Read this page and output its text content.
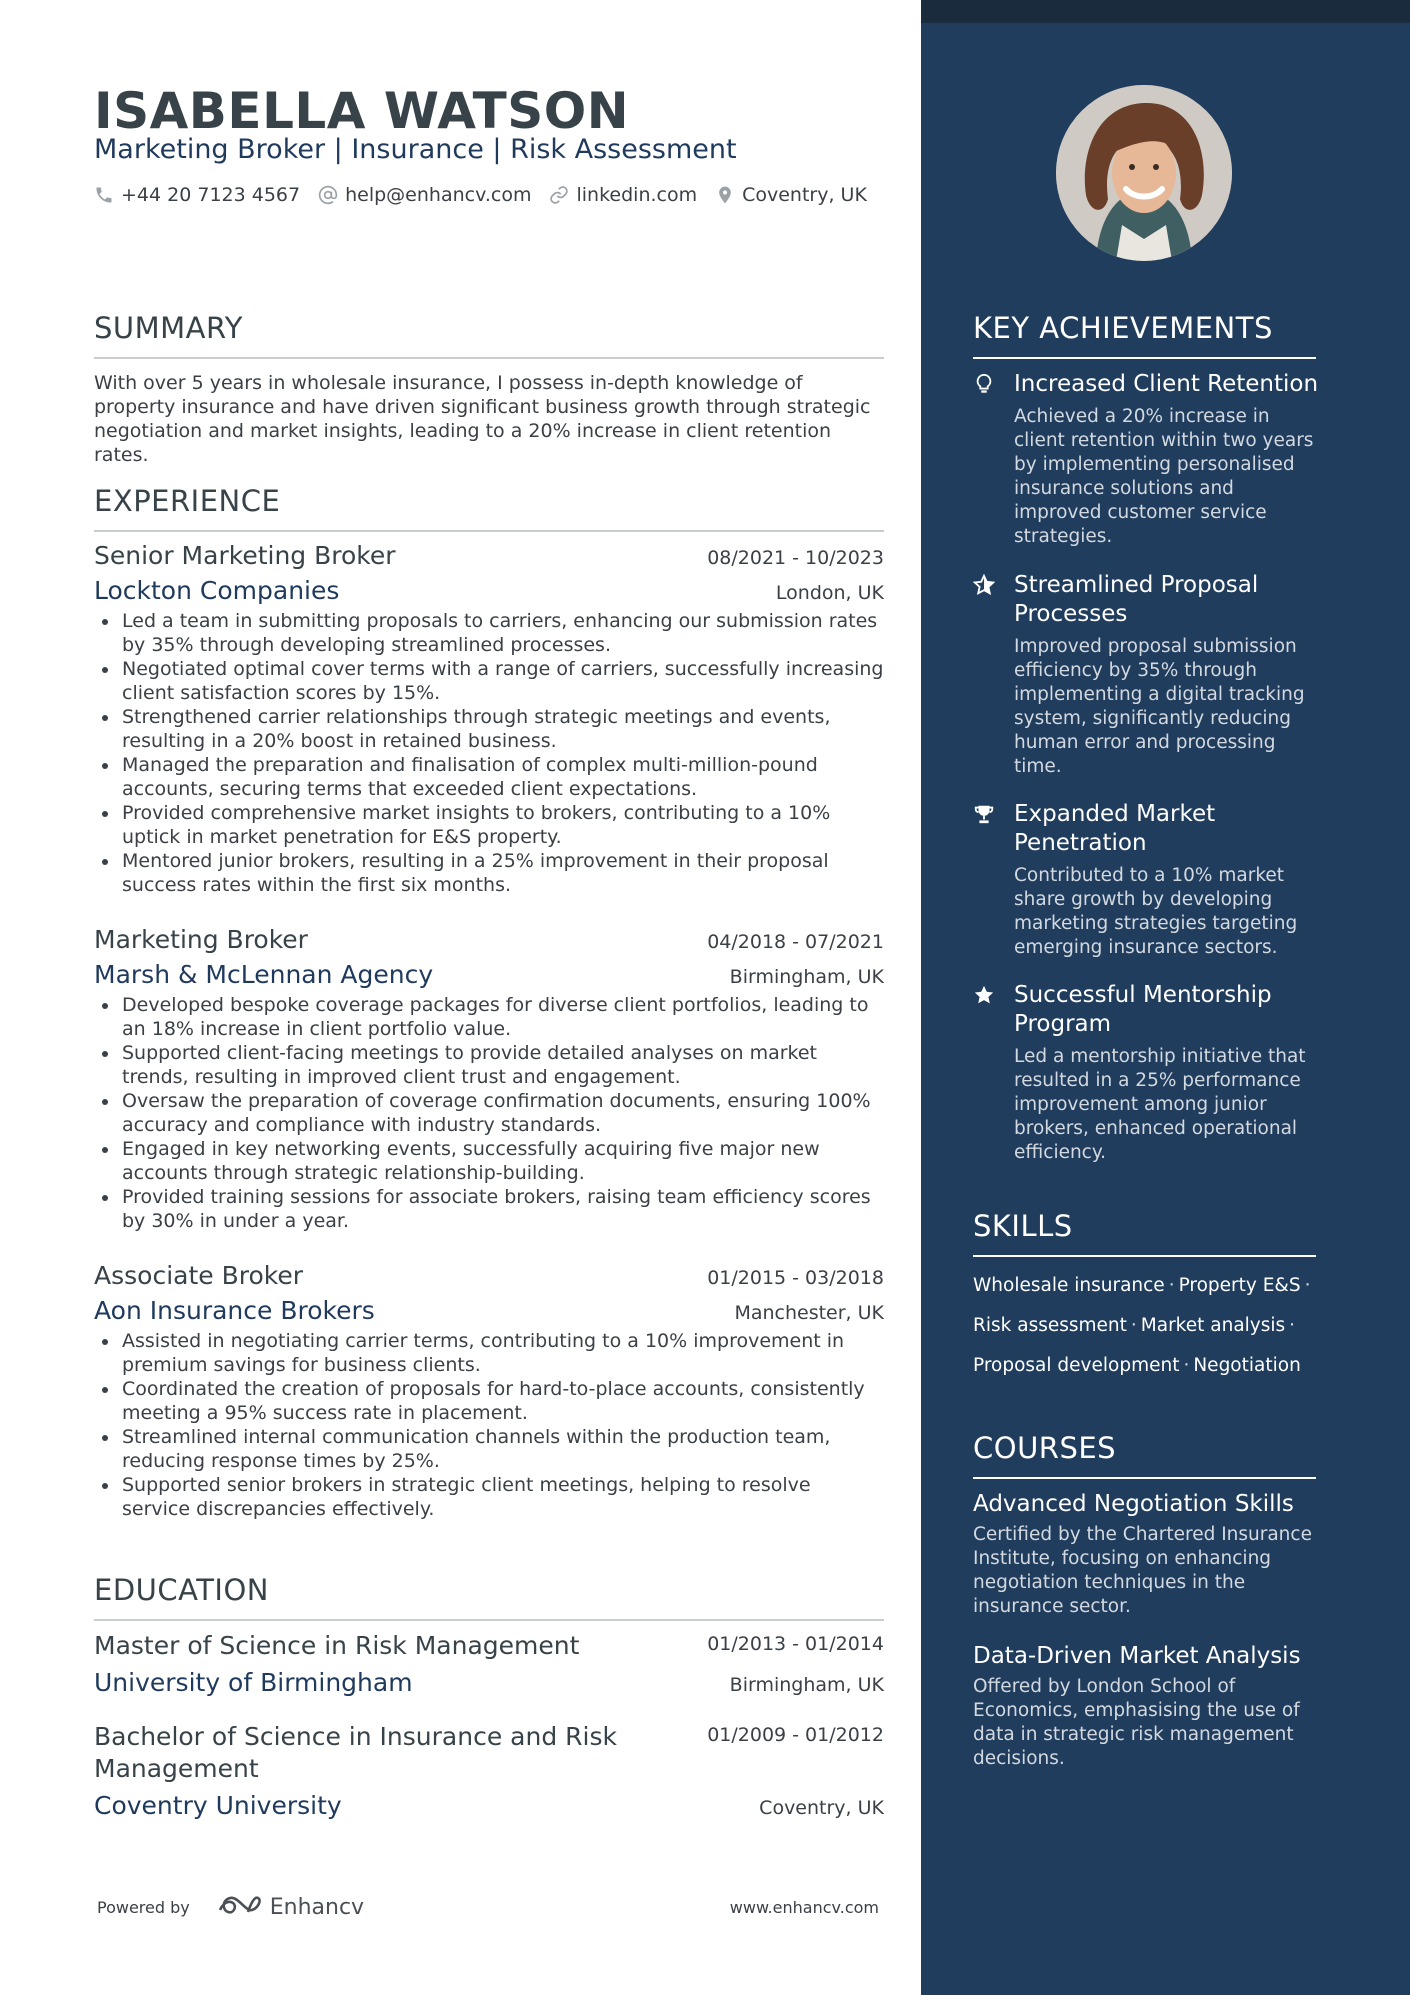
ISABELLA WATSON
Marketing Broker | Insurance | Risk Assessment
+44 20 7123 4567 help@enhancv.com linkedin.com Coventry, UK
SUMMARY
With over 5 years in wholesale insurance, I possess in-depth knowledge of property insurance and have driven significant business growth through strategic negotiation and market insights, leading to a 20% increase in client retention rates.
EXPERIENCE
Senior Marketing Broker	08/2021 - 10/2023
Lockton Companies	London, UK
Led a team in submitting proposals to carriers, enhancing our submission rates by 35% through developing streamlined processes.
Negotiated optimal cover terms with a range of carriers, successfully increasing client satisfaction scores by 15%.
Strengthened carrier relationships through strategic meetings and events, resulting in a 20% boost in retained business.
Managed the preparation and finalisation of complex multi-million-pound accounts, securing terms that exceeded client expectations.
Provided comprehensive market insights to brokers, contributing to a 10% uptick in market penetration for E&S property.
Mentored junior brokers, resulting in a 25% improvement in their proposal success rates within the first six months.
Marketing Broker	04/2018 - 07/2021
Marsh & McLennan Agency	Birmingham, UK
Developed bespoke coverage packages for diverse client portfolios, leading to an 18% increase in client portfolio value.
Supported client-facing meetings to provide detailed analyses on market trends, resulting in improved client trust and engagement.
Oversaw the preparation of coverage confirmation documents, ensuring 100% accuracy and compliance with industry standards.
Engaged in key networking events, successfully acquiring five major new accounts through strategic relationship-building.
Provided training sessions for associate brokers, raising team efficiency scores by 30% in under a year.
Associate Broker	01/2015 - 03/2018
Aon Insurance Brokers	Manchester, UK
Assisted in negotiating carrier terms, contributing to a 10% improvement in premium savings for business clients.
Coordinated the creation of proposals for hard-to-place accounts, consistently meeting a 95% success rate in placement.
Streamlined internal communication channels within the production team, reducing response times by 25%.
Supported senior brokers in strategic client meetings, helping to resolve service discrepancies effectively.
EDUCATION
Master of Science in Risk Management	01/2013 - 01/2014
University of Birmingham	Birmingham, UK
Bachelor of Science in Insurance and Risk Management
01/2009 - 01/2012
Coventry University	Coventry, UK
Powered by	Enhancv	www.enhancv.com
KEY ACHIEVEMENTS
Increased Client Retention
Achieved a 20% increase in client retention within two years by implementing personalised insurance solutions and improved customer service strategies.
Streamlined Proposal Processes
Improved proposal submission efficiency by 35% through implementing a digital tracking system, significantly reducing human error and processing time.
Expanded Market Penetration
Contributed to a 10% market share growth by developing marketing strategies targeting emerging insurance sectors.
Successful Mentorship Program
Led a mentorship initiative that resulted in a 25% performance improvement among junior brokers, enhanced operational efficiency.
SKILLS
Wholesale insurance · Property E&S ·
Risk assessment · Market analysis ·
Proposal development · Negotiation
COURSES
Advanced Negotiation Skills
Certified by the Chartered Insurance Institute, focusing on enhancing negotiation techniques in the insurance sector.
Data-Driven Market Analysis
Offered by London School of Economics, emphasising the use of data in strategic risk management decisions.
